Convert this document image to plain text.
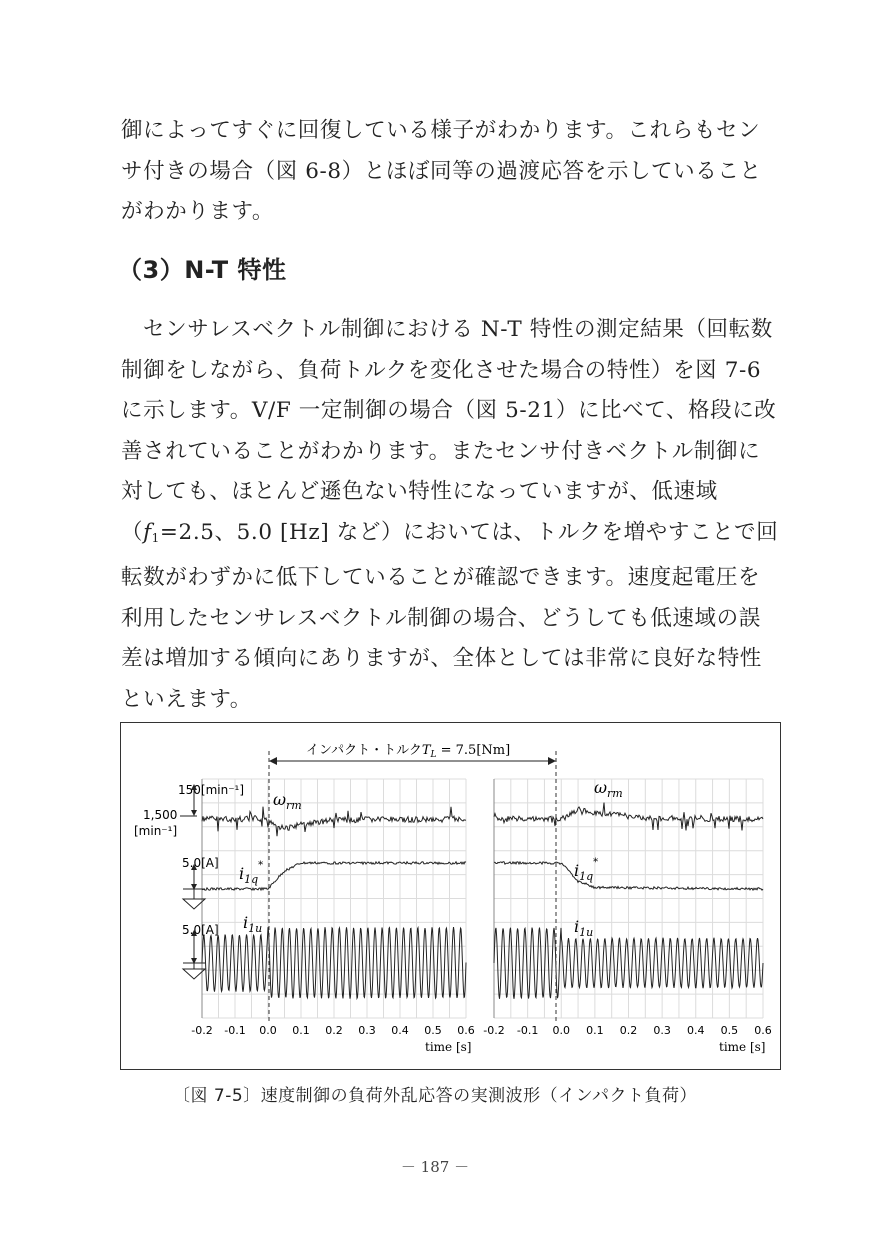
御によってすぐに回復している様子がわかります。これらもセンサ付きの場合（図 6-8）とほぼ同等の過渡応答を示していることがわかります。

（3）N-T 特性

センサレスベクトル制御における N-T 特性の測定結果（回転数制御をしながら、負荷トルクを変化させた場合の特性）を図 7-6 に示します。V/F 一定制御の場合（図 5-21）に比べて、格段に改善されていることがわかります。またセンサ付きベクトル制御に対しても、ほとんど遜色ない特性になっていますが、低速域（f1=2.5、5.0 [Hz] など）においては、トルクを増やすことで回転数がわずかに低下していることが確認できます。速度起電圧を利用したセンサレスベクトル制御の場合、どうしても低速域の誤差は増加する傾向にありますが、全体としては非常に良好な特性といえます。

インパクト・トルク$T_L = 7.5[Nm]$
150[min⁻¹]
1,500
[min⁻¹]
5.0[A]
5.0[A]
$\omega_{rm}$
$i_{1q}^*$
$i_{1u}$
$\omega_{rm}$
$i_{1q}^*$
$i_{1u}$
-0.2 -0.1 0.0 0.1 0.2 0.3 0.4 0.5 0.6 -0.2 -0.1 0.0 0.1 0.2 0.3 0.4 0.5 0.6
time [s]	time [s]
〔図 7-5〕速度制御の負荷外乱応答の実測波形（インパクト負荷）
－ 187 －
